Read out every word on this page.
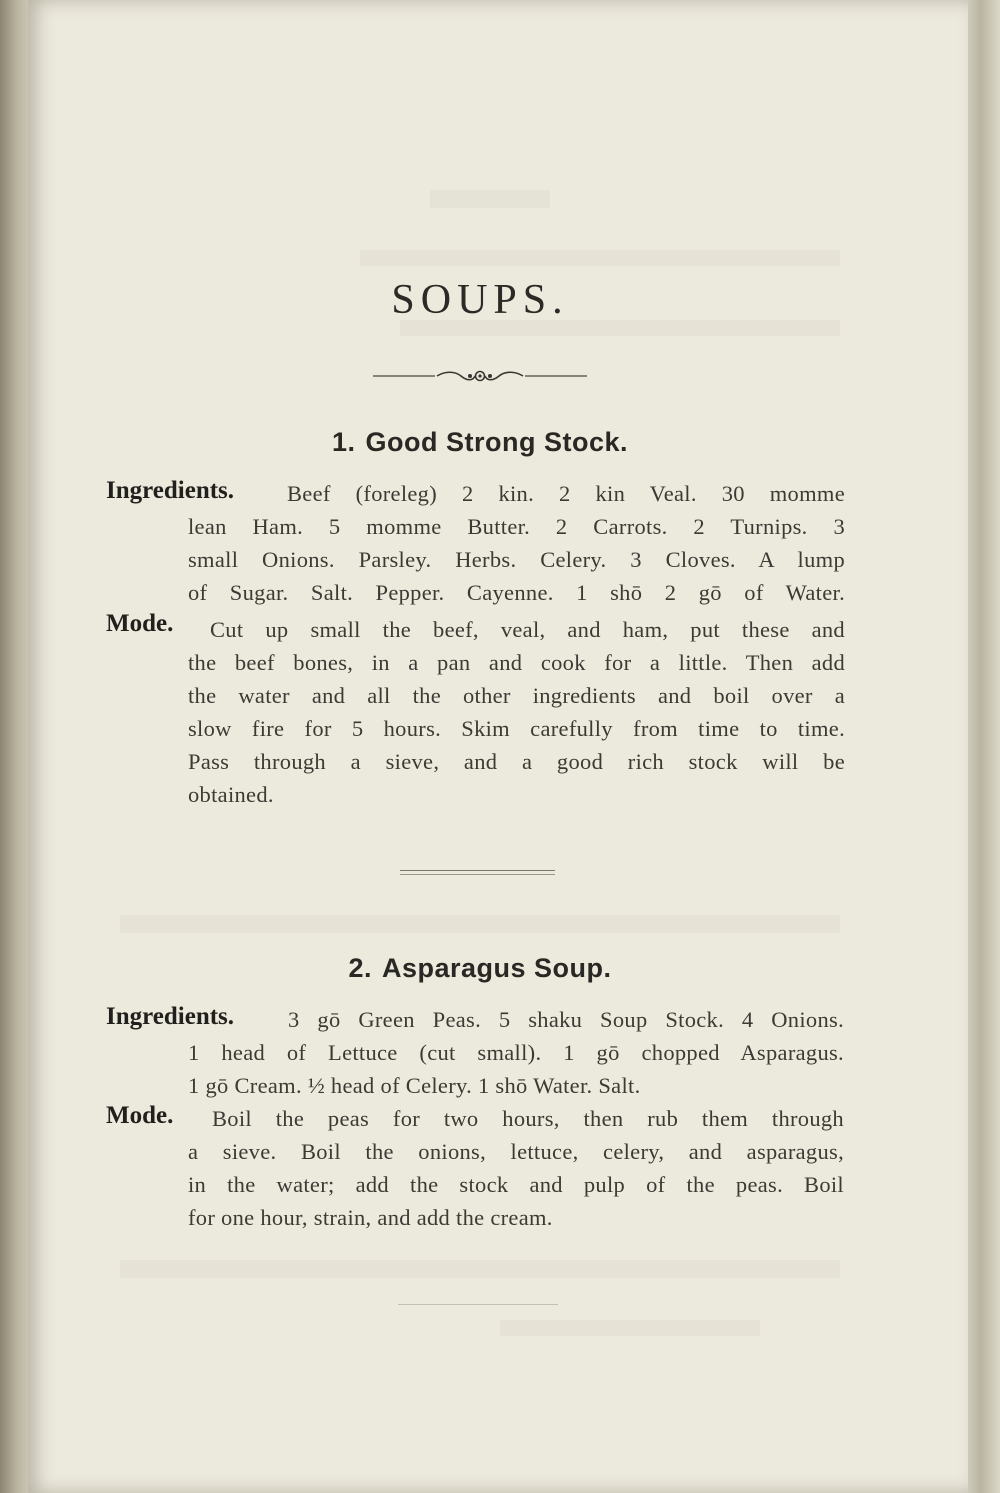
SOUPS.
1. Good Strong Stock.
Ingredients. Beef (foreleg) 2 kin. 2 kin Veal. 30 momme
lean Ham. 5 momme Butter. 2 Carrots. 2 Turnips. 3
small Onions. Parsley. Herbs. Celery. 3 Cloves. A lump
of Sugar. Salt. Pepper. Cayenne. 1 shō 2 gō of Water.
Mode. Cut up small the beef, veal, and ham, put these and
the beef bones, in a pan and cook for a little. Then add
the water and all the other ingredients and boil over a
slow fire for 5 hours. Skim carefully from time to time.
Pass through a sieve, and a good rich stock will be
obtained.
2. Asparagus Soup.
Ingredients. 3 gō Green Peas. 5 shaku Soup Stock. 4 Onions.
1 head of Lettuce (cut small). 1 gō chopped Asparagus.
1 gō Cream. ½ head of Celery. 1 shō Water. Salt.
Mode. Boil the peas for two hours, then rub them through
a sieve. Boil the onions, lettuce, celery, and asparagus,
in the water; add the stock and pulp of the peas. Boil
for one hour, strain, and add the cream.
